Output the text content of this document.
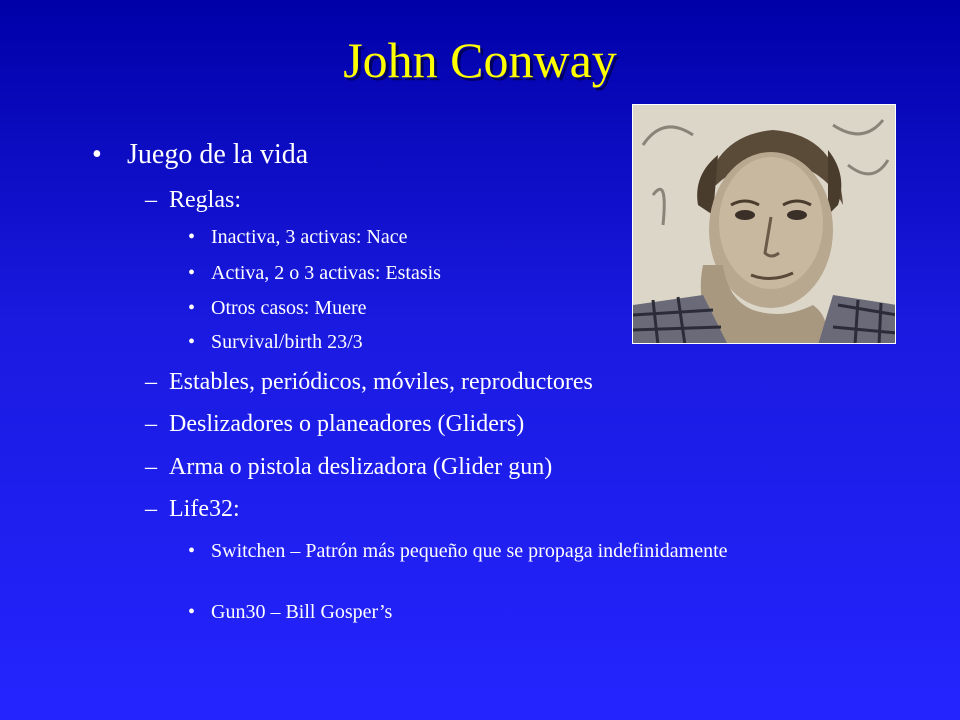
John Conway
• Juego de la vida
– Reglas:
• Inactiva, 3 activas: Nace
• Activa, 2 o 3 activas: Estasis
• Otros casos: Muere
• Survival/birth 23/3
– Estables, periódicos, móviles, reproductores
– Deslizadores o planeadores (Gliders)
– Arma o pistola deslizadora (Glider gun)
– Life32:
• Switchen – Patrón más pequeño que se propaga indefinidamente
• Gun30 – Bill Gosper’s
